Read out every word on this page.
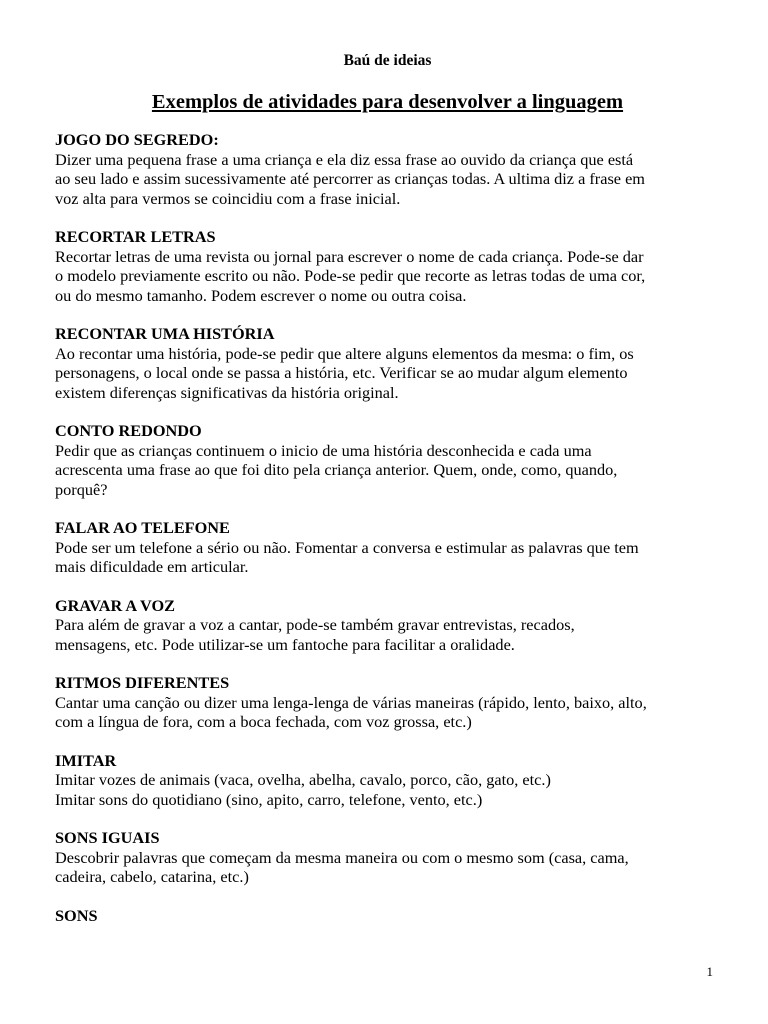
Baú de ideias

Exemplos de atividades para desenvolver a linguagem

JOGO DO SEGREDO:

Dizer uma pequena frase a uma criança e ela diz essa frase ao ouvido da criança que está

ao seu lado e assim sucessivamente até percorrer as crianças todas. A ultima diz a frase em

voz alta para vermos se coincidiu com a frase inicial.

RECORTAR LETRAS

Recortar letras de uma revista ou jornal para escrever o nome de cada criança. Pode-se dar

o modelo previamente escrito ou não. Pode-se pedir que recorte as letras todas de uma cor,

ou do mesmo tamanho. Podem escrever o nome ou outra coisa.

RECONTAR UMA HISTÓRIA

Ao recontar uma história, pode-se pedir que altere alguns elementos da mesma: o fim, os

personagens, o local onde se passa a história, etc. Verificar se ao mudar algum elemento

existem diferenças significativas da história original.

CONTO REDONDO

Pedir que as crianças continuem o inicio de uma história desconhecida e cada uma

acrescenta uma frase ao que foi dito pela criança anterior. Quem, onde, como, quando,

porquê?

FALAR AO TELEFONE

Pode ser um telefone a sério ou não. Fomentar a conversa e estimular as palavras que tem

mais dificuldade em articular.

GRAVAR A VOZ

Para além de gravar a voz a cantar, pode-se também gravar entrevistas, recados,

mensagens, etc. Pode utilizar-se um fantoche para facilitar a oralidade.

RITMOS DIFERENTES

Cantar uma canção ou dizer uma lenga-lenga de várias maneiras (rápido, lento, baixo, alto,

com a língua de fora, com a boca fechada, com voz grossa, etc.)

IMITAR

Imitar vozes de animais (vaca, ovelha, abelha, cavalo, porco, cão, gato, etc.)

Imitar sons do quotidiano (sino, apito, carro, telefone, vento, etc.)

SONS IGUAIS

Descobrir palavras que começam da mesma maneira ou com o mesmo som (casa, cama,

cadeira, cabelo, catarina, etc.)

SONS

1
